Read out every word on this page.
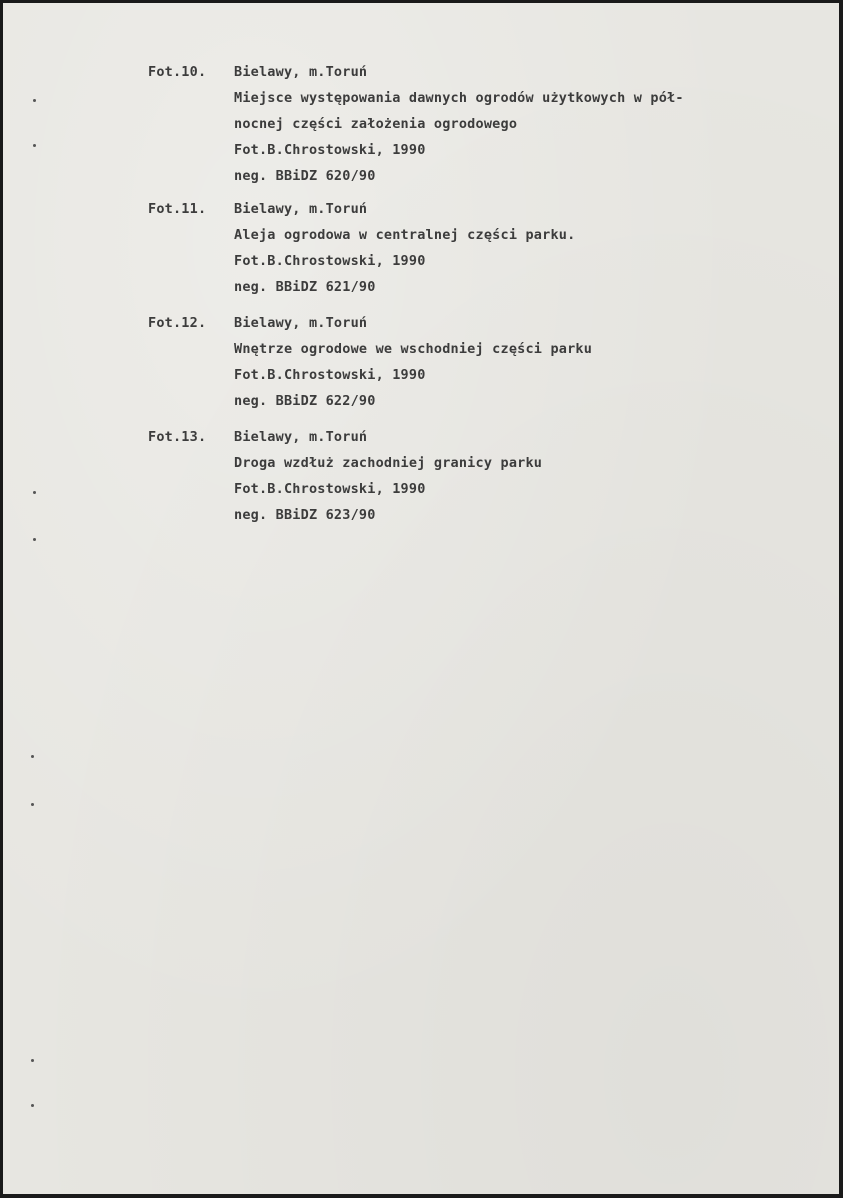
Fot.10. Bielawy, m.Toruń
Miejsce występowania dawnych ogrodów użytkowych w pół-
nocnej części założenia ogrodowego
Fot.B.Chrostowski, 1990
neg. BBiDZ 620/90
Fot.11. Bielawy, m.Toruń
Aleja ogrodowa w centralnej części parku.
Fot.B.Chrostowski, 1990
neg. BBiDZ 621/90
Fot.12. Bielawy, m.Toruń
Wnętrze ogrodowe we wschodniej części parku
Fot.B.Chrostowski, 1990
neg. BBiDZ 622/90
Fot.13. Bielawy, m.Toruń
Droga wzdłuż zachodniej granicy parku
Fot.B.Chrostowski, 1990
neg. BBiDZ 623/90
